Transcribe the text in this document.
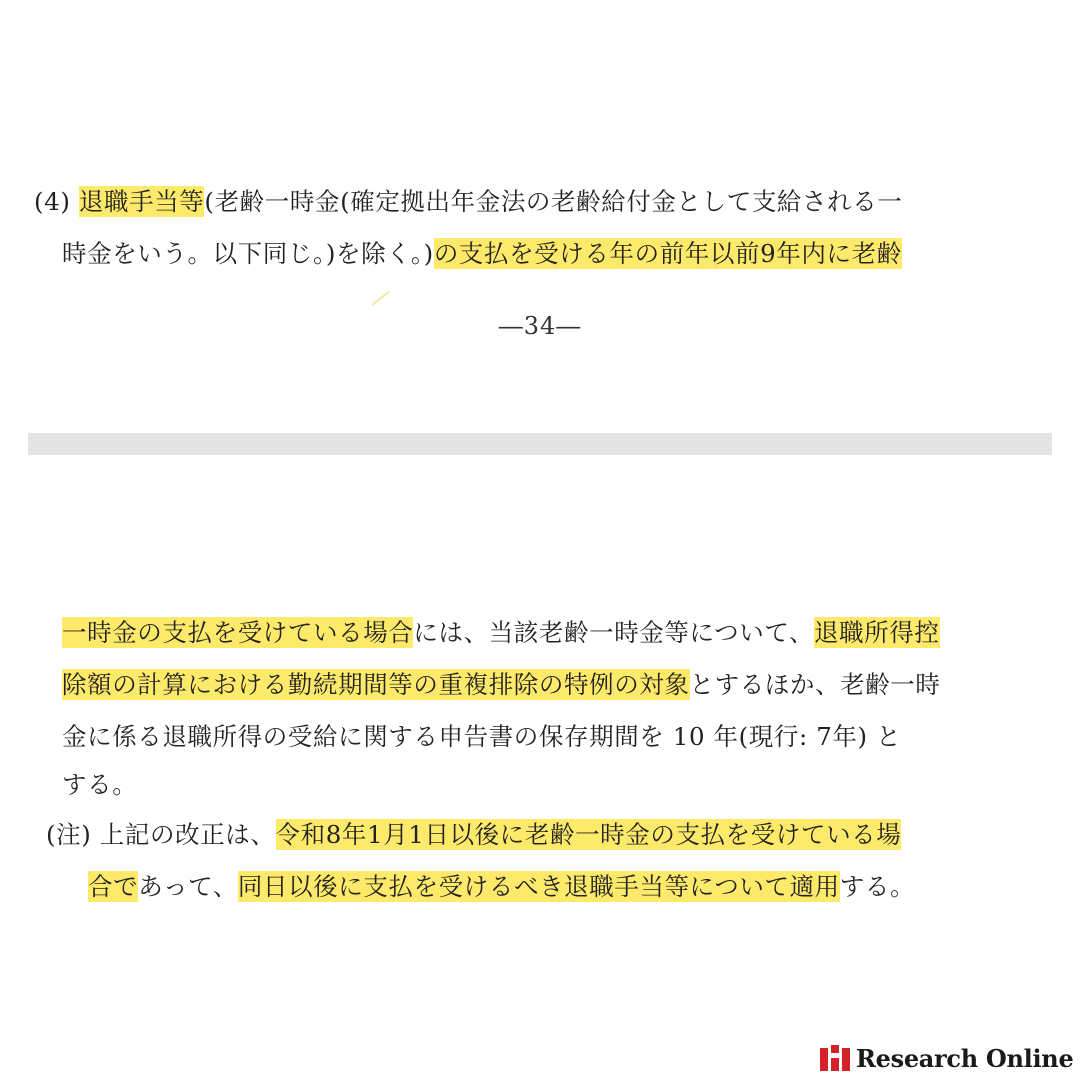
(4) 退職手当等(老齢一時金(確定拠出年金法の老齢給付金として支給される一
時金をいう。以下同じ。)を除く。)の支払を受ける年の前年以前9年内に老齢
―34―
一時金の支払を受けている場合には、当該老齢一時金等について、退職所得控
除額の計算における勤続期間等の重複排除の特例の対象とするほか、老齢一時
金に係る退職所得の受給に関する申告書の保存期間を 10 年(現行: 7年) と
する。
(注) 上記の改正は、令和8年1月1日以後に老齢一時金の支払を受けている場
合であって、同日以後に支払を受けるべき退職手当等について適用する。
Research Online
